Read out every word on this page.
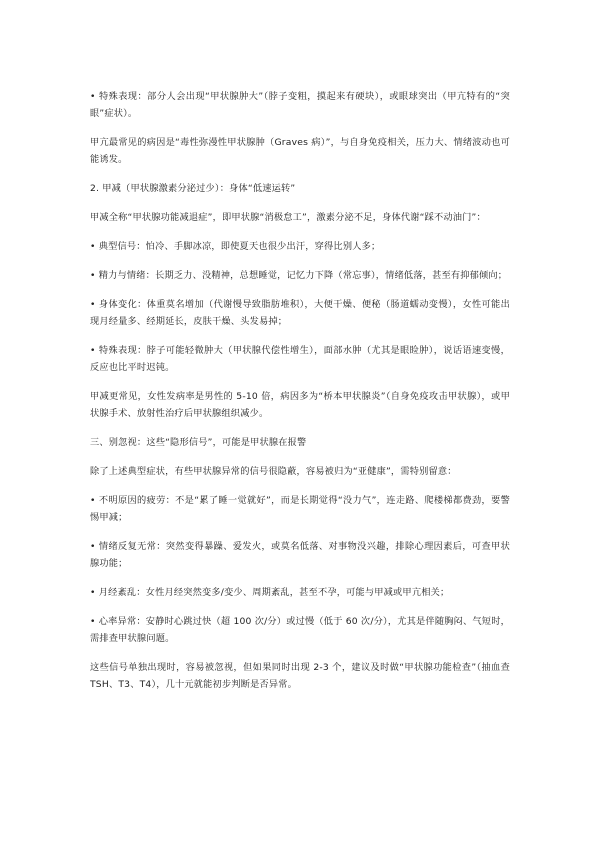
• 特殊表现：部分人会出现“甲状腺肿大”（脖子变粗，摸起来有硬块），或眼球突出（甲亢特有的“突眼”症状）。

甲亢最常见的病因是“毒性弥漫性甲状腺肿（Graves 病）”，与自身免疫相关，压力大、情绪波动也可能诱发。

2. 甲减（甲状腺激素分泌过少）：身体“低速运转”

甲减全称“甲状腺功能减退症”，即甲状腺“消极怠工”，激素分泌不足，身体代谢“踩不动油门”：

• 典型信号：怕冷、手脚冰凉，即使夏天也很少出汗，穿得比别人多；

• 精力与情绪：长期乏力、没精神，总想睡觉，记忆力下降（常忘事），情绪低落，甚至有抑郁倾向；

• 身体变化：体重莫名增加（代谢慢导致脂肪堆积），大便干燥、便秘（肠道蠕动变慢），女性可能出现月经量多、经期延长，皮肤干燥、头发易掉；

• 特殊表现：脖子可能轻微肿大（甲状腺代偿性增生），面部水肿（尤其是眼睑肿），说话语速变慢，反应也比平时迟钝。

甲减更常见，女性发病率是男性的 5-10 倍，病因多为“桥本甲状腺炎”（自身免疫攻击甲状腺），或甲状腺手术、放射性治疗后甲状腺组织减少。

三、别忽视：这些“隐形信号”，可能是甲状腺在报警

除了上述典型症状，有些甲状腺异常的信号很隐蔽，容易被归为“亚健康”，需特别留意：

• 不明原因的疲劳：不是“累了睡一觉就好”，而是长期觉得“没力气”，连走路、爬楼梯都费劲，要警惕甲减；

• 情绪反复无常：突然变得暴躁、爱发火，或莫名低落、对事物没兴趣，排除心理因素后，可查甲状腺功能；

• 月经紊乱：女性月经突然变多/变少、周期紊乱，甚至不孕，可能与甲减或甲亢相关；

• 心率异常：安静时心跳过快（超 100 次/分）或过慢（低于 60 次/分），尤其是伴随胸闷、气短时，需排查甲状腺问题。

这些信号单独出现时，容易被忽视，但如果同时出现 2-3 个，建议及时做“甲状腺功能检查”（抽血查 TSH、T3、T4），几十元就能初步判断是否异常。
